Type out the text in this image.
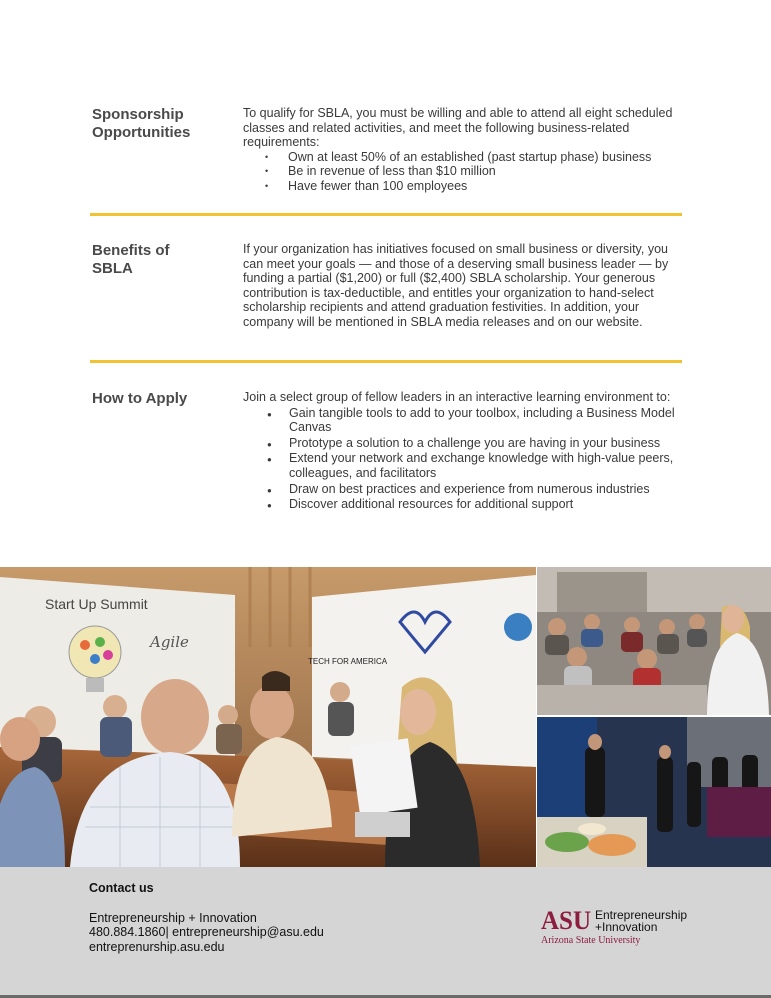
Sponsorship Opportunities

To qualify for SBLA, you must be willing and able to attend all eight scheduled classes and related activities, and meet the following business-related requirements:

• Own at least 50% of an established (past startup phase) business
• Be in revenue of less than $10 million
• Have fewer than 100 employees
Benefits of SBLA

If your organization has initiatives focused on small business or diversity, you can meet your goals — and those of a deserving small business leader — by funding a partial ($1,200) or full ($2,400) SBLA scholarship. Your generous contribution is tax-deductible, and entitles your organization to hand-select scholarship recipients and attend graduation festivities. In addition, your company will be mentioned in SBLA media releases and on our website.

How to Apply	Join a select group of fellow leaders in an interactive learning environment to:

● Gain tangible tools to add to your toolbox, including a Business Model Canvas
● Prototype a solution to a challenge you are having in your business
● Extend your network and exchange knowledge with high-value peers, colleagues, and facilitators
● Draw on best practices and experience from numerous industries
● Discover additional resources for additional support
Start Up Summit
Agile
TECH FOR AMERICA
Contact us
Entrepreneurship + Innovation
480.884.1860| entrepreneurship@asu.edu
entreprenurship.asu.edu
ASU Entrepreneurship
+Innovation
Arizona State University
